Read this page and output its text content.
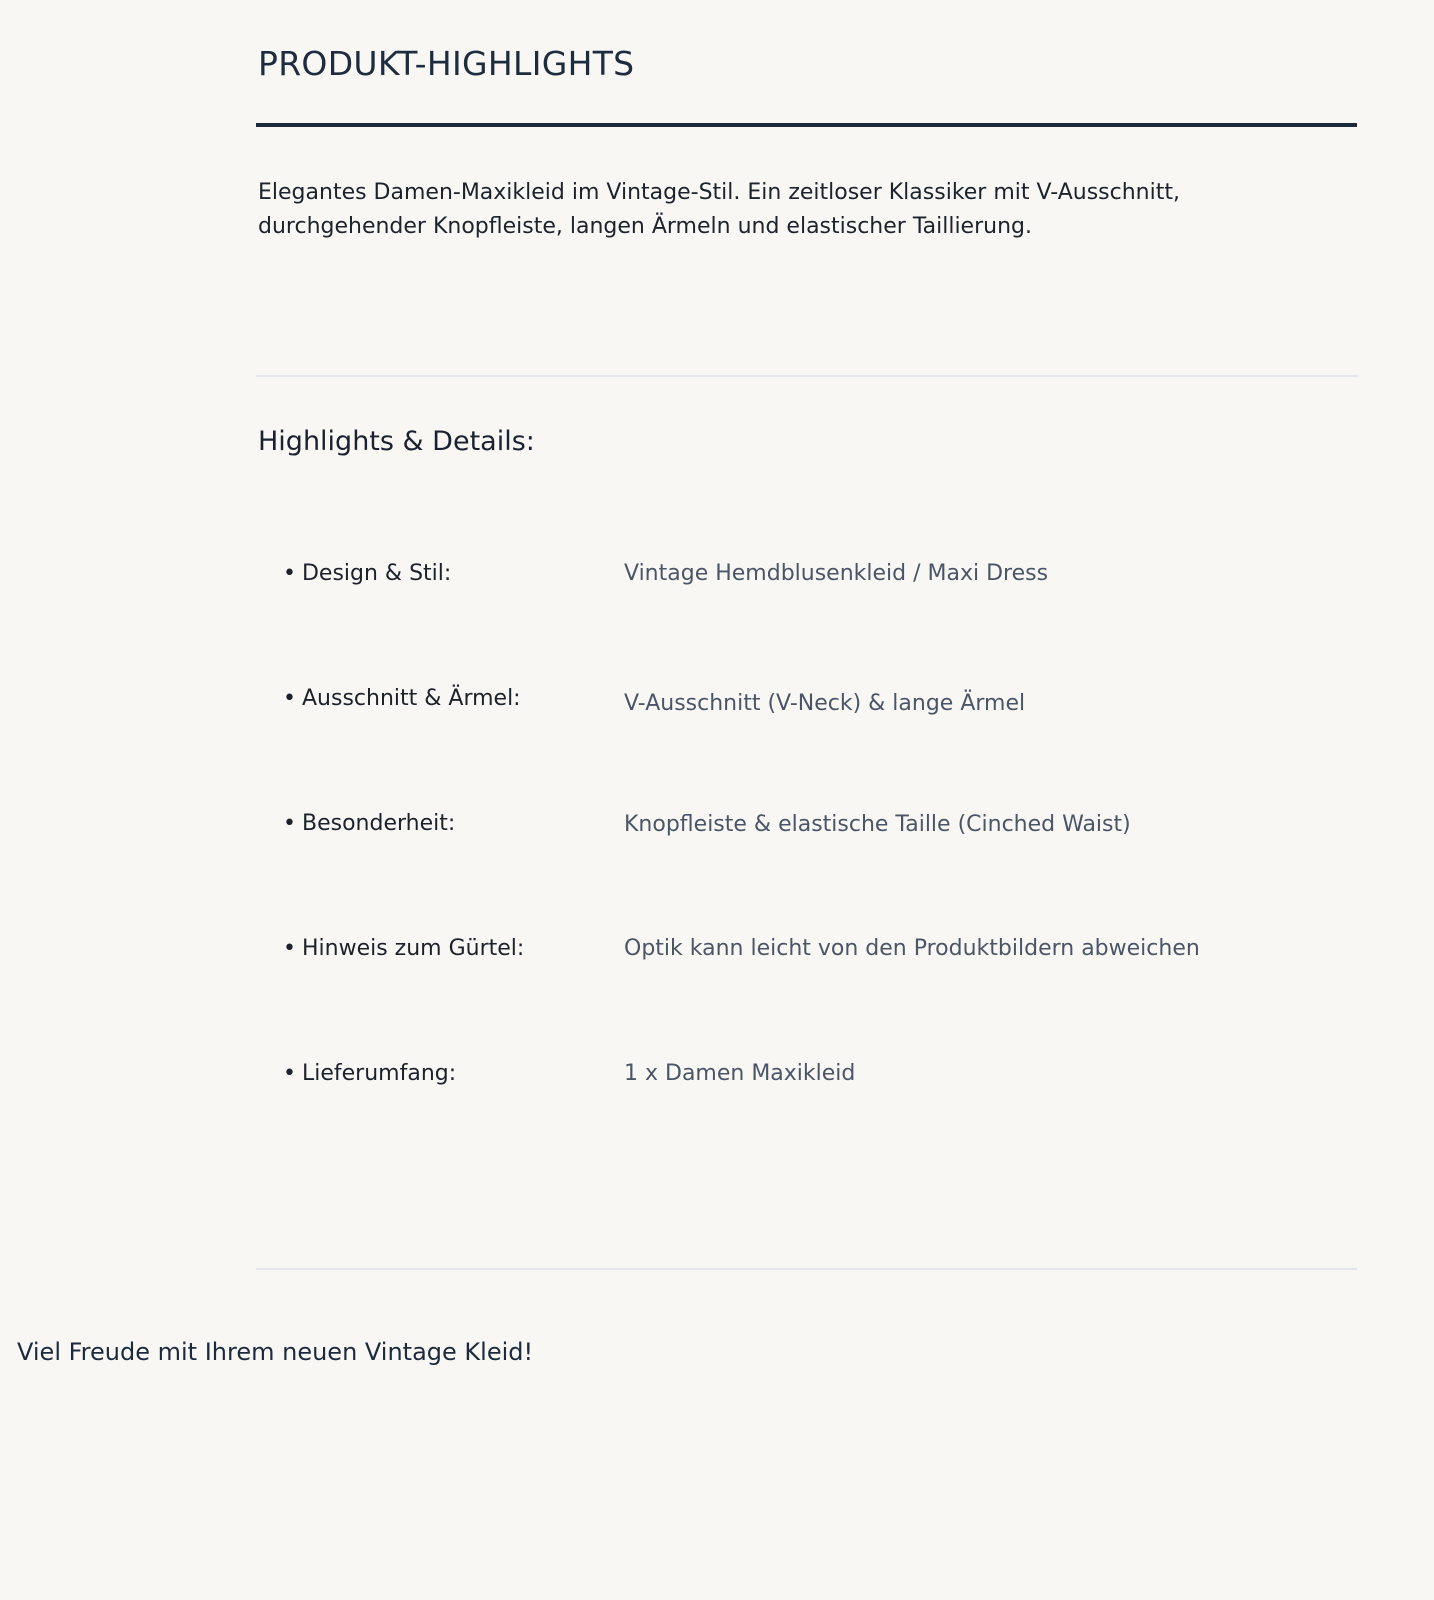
PRODUKT-HIGHLIGHTS

Elegantes Damen-Maxikleid im Vintage-Stil. Ein zeitloser Klassiker mit V-Ausschnitt, durchgehender Knopfleiste, langen Ärmeln und elastischer Taillierung.

Highlights & Details:
• Design & Stil:	Vintage Hemdblusenkleid / Maxi Dress
• Ausschnitt & Ärmel:	V-Ausschnitt (V-Neck) & lange Ärmel
• Besonderheit:	Knopfleiste & elastische Taille (Cinched Waist)
• Hinweis zum Gürtel:	Optik kann leicht von den Produktbildern abweichen
• Lieferumfang:	1 x Damen Maxikleid

Viel Freude mit Ihrem neuen Vintage Kleid!
